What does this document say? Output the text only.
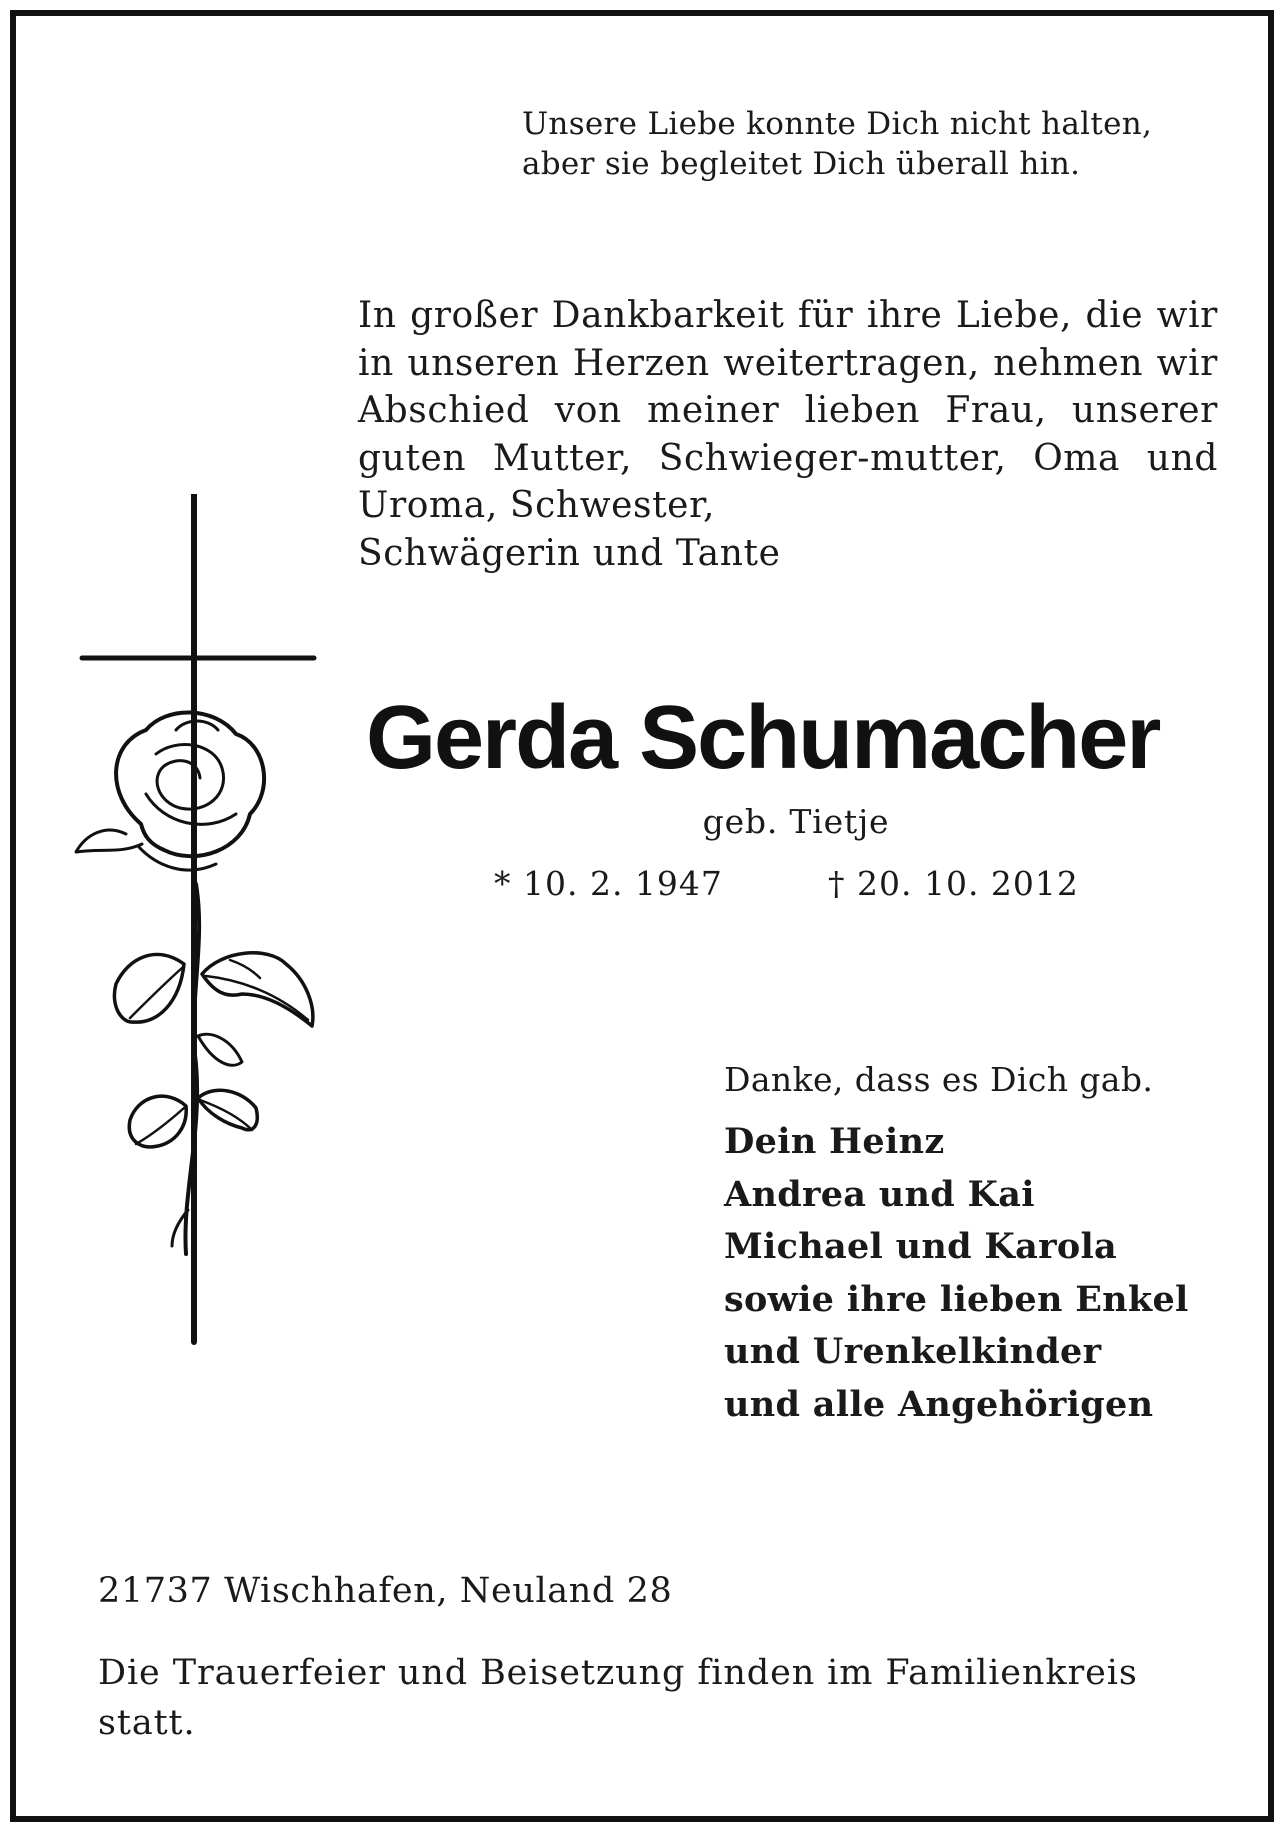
Unsere Liebe konnte Dich nicht halten,
aber sie begleitet Dich überall hin.
In großer Dankbarkeit für ihre Liebe, die wir in unseren Herzen weitertragen, nehmen wir Abschied von meiner lieben Frau, unserer guten Mutter, Schwieger-mutter, Oma und Uroma, Schwester,
Schwägerin und Tante
Gerda Schumacher
geb. Tietje
* 10. 2. 1947	† 20. 10. 2012
Danke, dass es Dich gab.
Dein Heinz
Andrea und Kai
Michael und Karola
sowie ihre lieben Enkel
und Urenkelkinder
und alle Angehörigen
21737 Wischhafen, Neuland 28
Die Trauerfeier und Beisetzung finden im Familienkreis statt.
